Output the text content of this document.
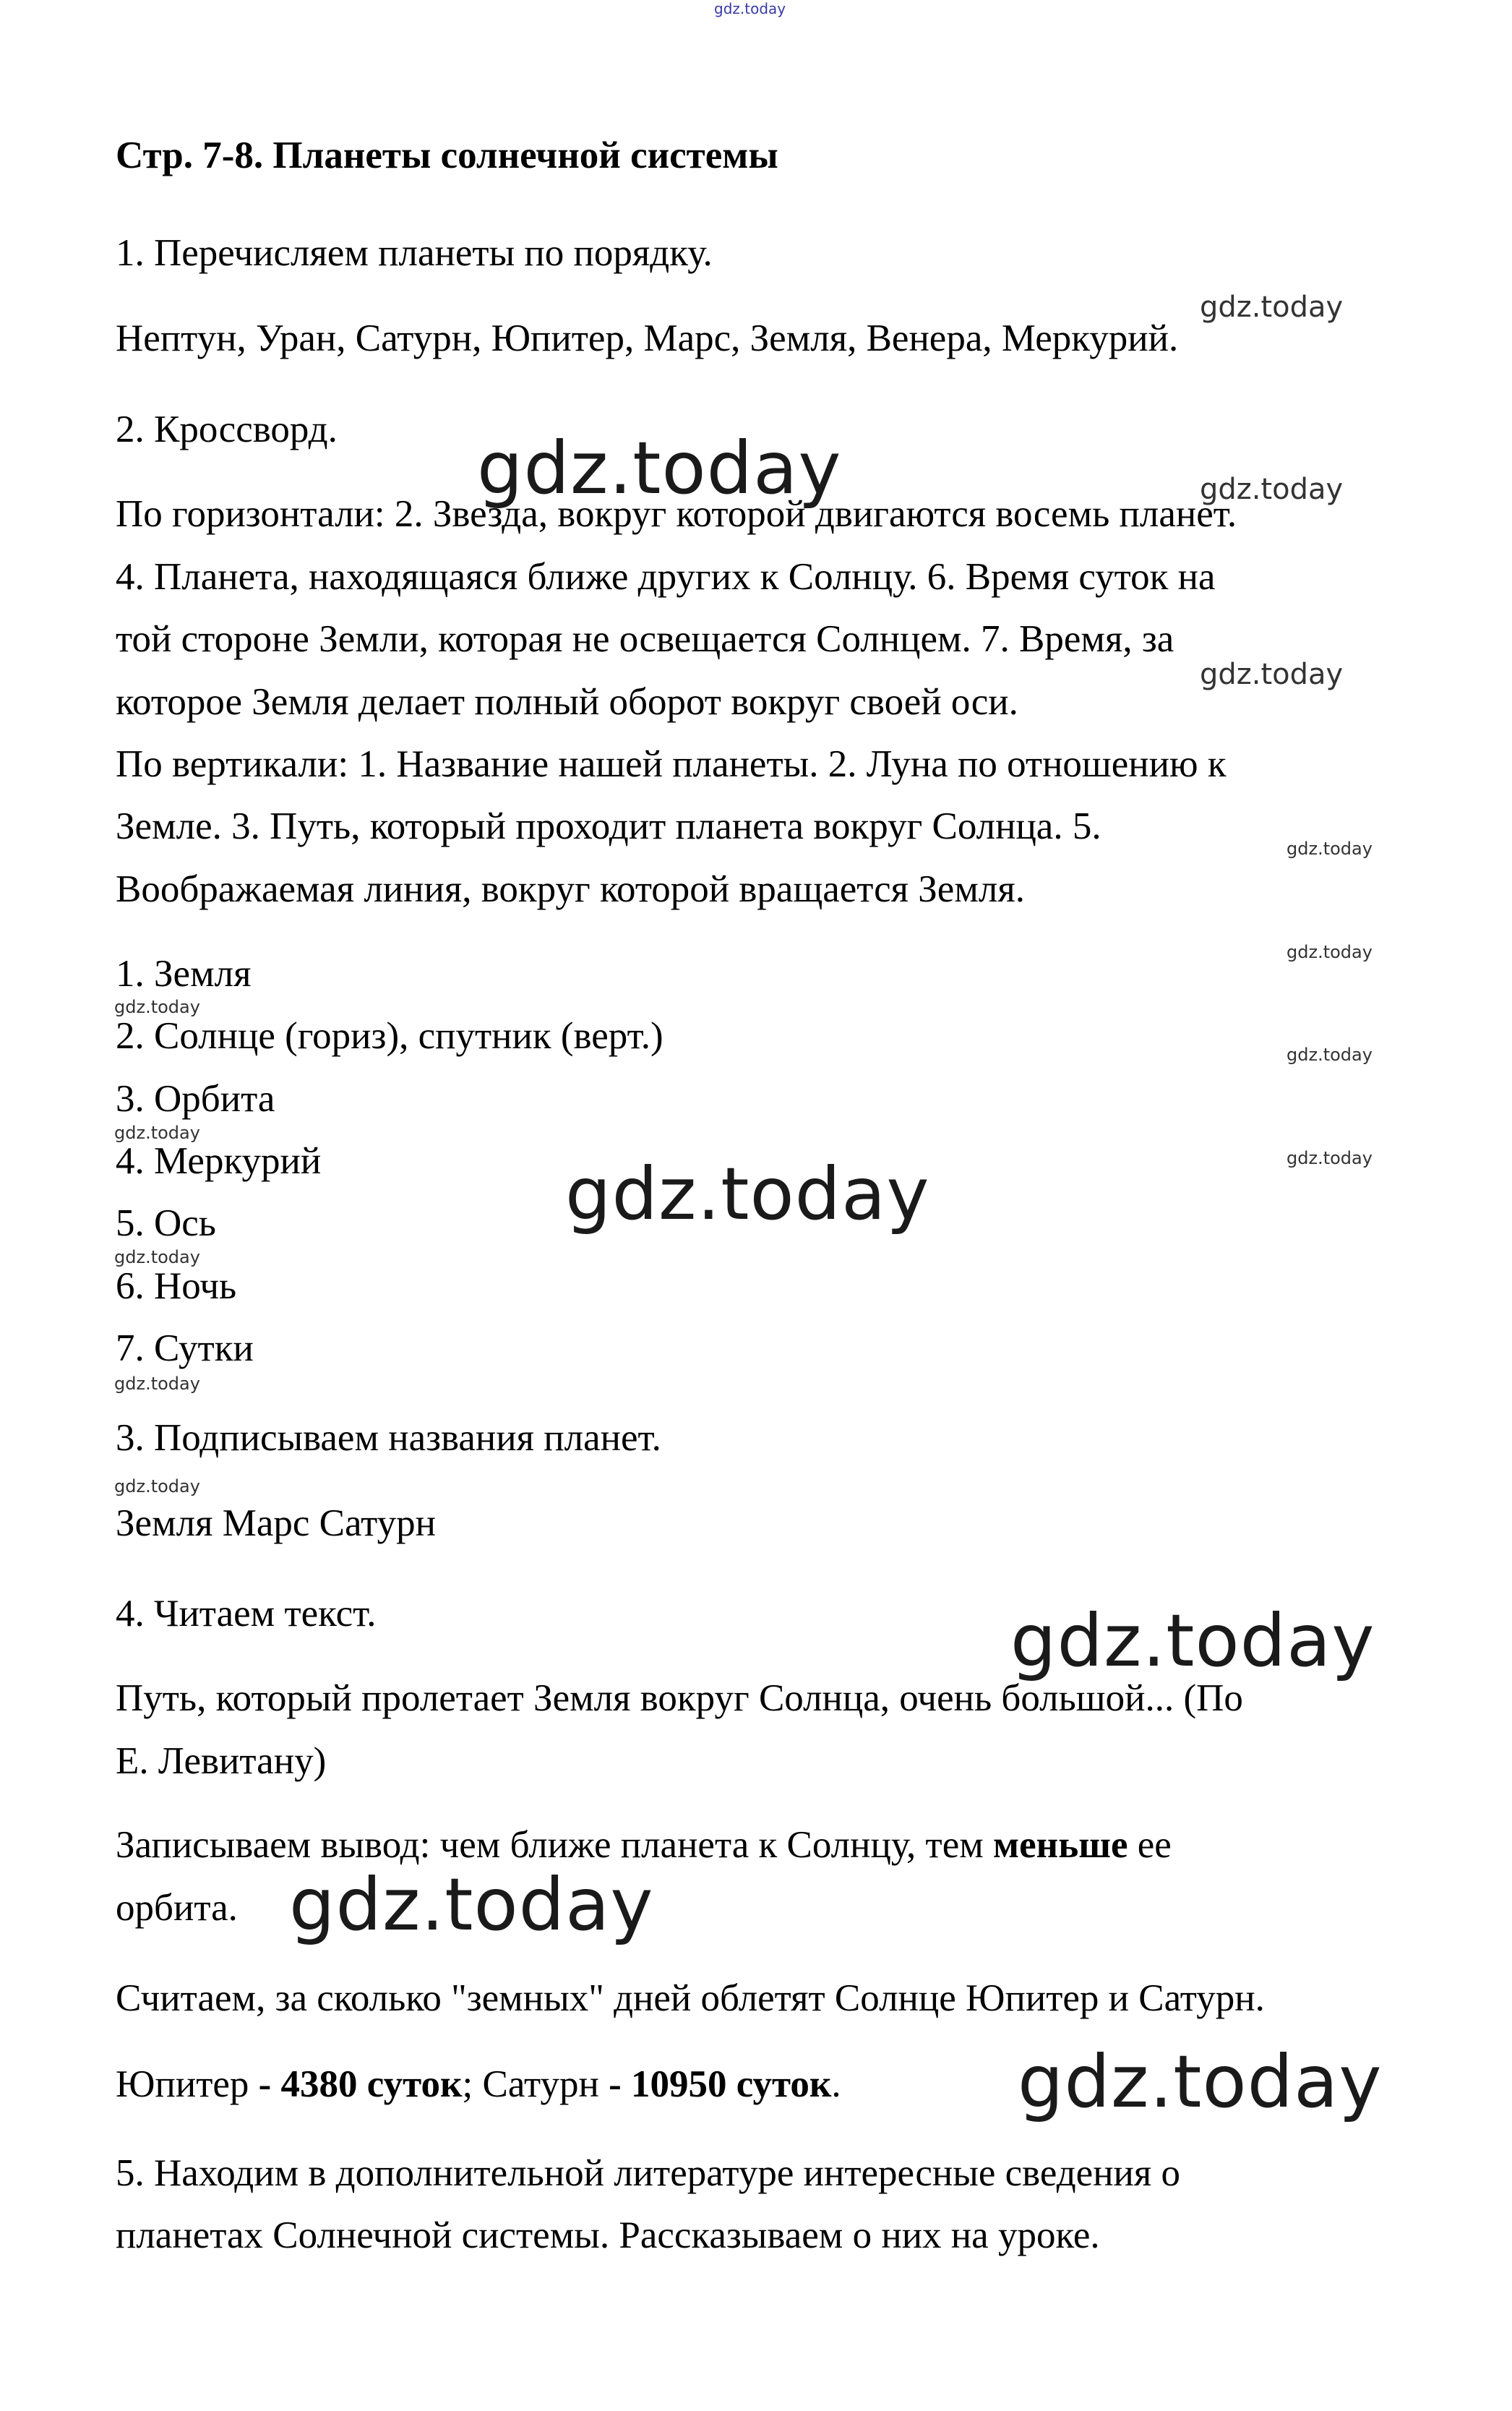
Стр. 7-8. Планеты солнечной системы
1. Перечисляем планеты по порядку.
Нептун, Уран, Сатурн, Юпитер, Марс, Земля, Венера, Меркурий.
2. Кроссворд.
По горизонтали: 2. Звезда, вокруг которой двигаются восемь планет.
4. Планета, находящаяся ближе других к Солнцу. 6. Время суток на
той стороне Земли, которая не освещается Солнцем. 7. Время, за
которое Земля делает полный оборот вокруг своей оси.
По вертикали: 1. Название нашей планеты. 2. Луна по отношению к
Земле. 3. Путь, который проходит планета вокруг Солнца. 5.
Воображаемая линия, вокруг которой вращается Земля.
1. Земля
2. Солнце (гориз), спутник (верт.)
3. Орбита
4. Меркурий
5. Ось
6. Ночь
7. Сутки
3. Подписываем названия планет.
Земля Марс Сатурн
4. Читаем текст.
Путь, который пролетает Земля вокруг Солнца, очень большой... (По
Е. Левитану)
Записываем вывод: чем ближе планета к Солнцу, тем меньше ее
орбита.
Считаем, за сколько "земных" дней облетят Солнце Юпитер и Сатурн.
Юпитер - 4380 суток; Сатурн - 10950 суток.
5. Находим в дополнительной литературе интересные сведения о
планетах Солнечной системы. Рассказываем о них на уроке.
gdz.today
gdz.today
gdz.today	gdz.today
gdz.today
gdz.today
gdz.today
gdz.today
gdz.today
gdz.today
gdz.today
gdz.today
gdz.today
gdz.today
gdz.today
gdz.today
gdz.today
gdz.today
